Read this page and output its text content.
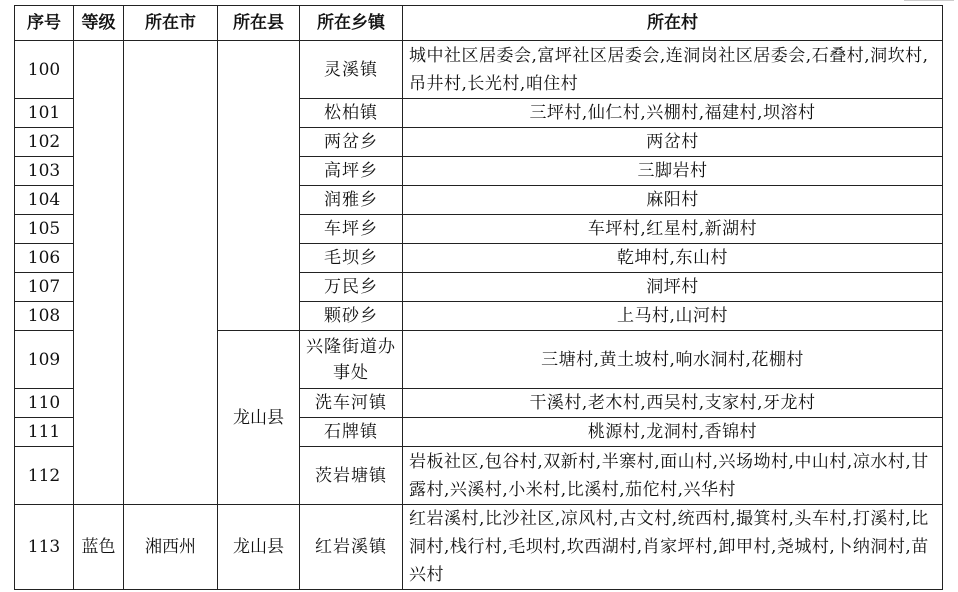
序号	等级	所在市	所在县	所在乡镇	所在村
100				灵溪镇	城中社区居委会,富坪社区居委会,连洞岗社区居委会,石叠村,洞坎村,吊井村,长光村,咱住村
101				松柏镇	三坪村,仙仁村,兴棚村,福建村,坝溶村
102				两岔乡	两岔村
103				高坪乡	三脚岩村
104				润雅乡	麻阳村
105				车坪乡	车坪村,红星村,新湖村
106				毛坝乡	乾坤村,东山村
107				万民乡	洞坪村
108				颗砂乡	上马村,山河村
109			龙山县	兴隆街道办事处	三塘村,黄土坡村,响水洞村,花棚村
110				洗车河镇	干溪村,老木村,西吴村,支家村,牙龙村
111				石牌镇	桃源村,龙洞村,香锦村
112				茨岩塘镇	岩板社区,包谷村,双新村,半寨村,面山村,兴场坳村,中山村,凉水村,甘露村,兴溪村,小米村,比溪村,茄佗村,兴华村
113	蓝色	湘西州	龙山县	红岩溪镇	红岩溪村,比沙社区,凉风村,古文村,统西村,撮箕村,头车村,打溪村,比洞村,栈行村,毛坝村,坎西湖村,肖家坪村,卸甲村,尧城村,卜纳洞村,苗兴村
